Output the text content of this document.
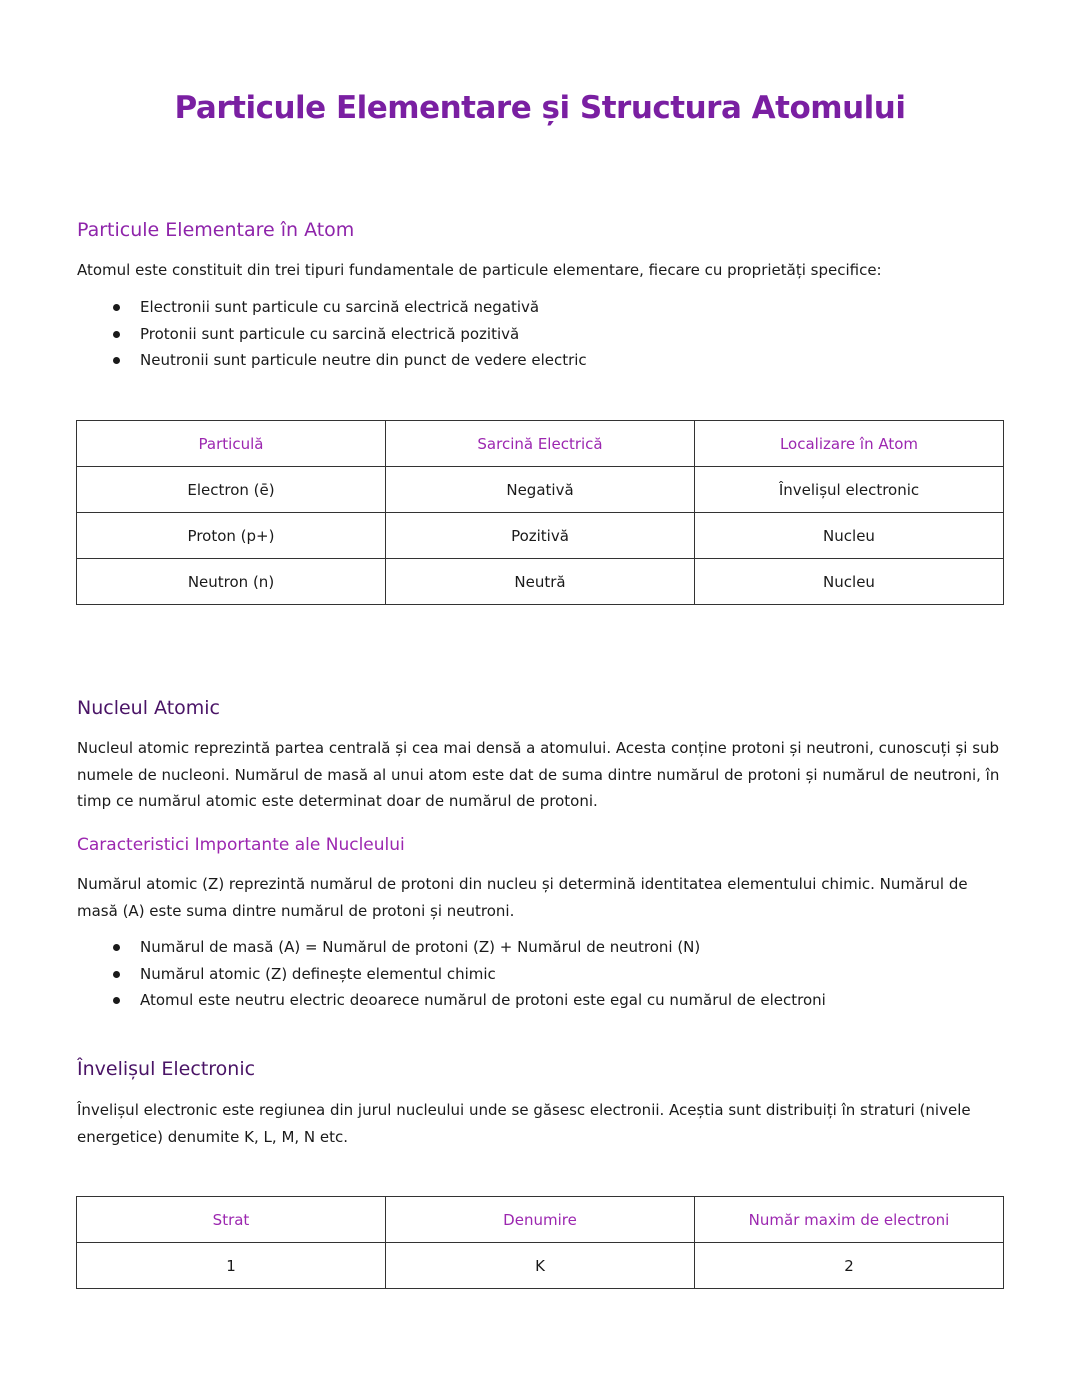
Particule Elementare și Structura Atomului
Particule Elementare în Atom
Atomul este constituit din trei tipuri fundamentale de particule elementare, fiecare cu proprietăți specifice:
Electronii sunt particule cu sarcină electrică negativă
Protonii sunt particule cu sarcină electrică pozitivă
Neutronii sunt particule neutre din punct de vedere electric
Particulă	Sarcină Electrică	Localizare în Atom
Electron (ē)	Negativă	Învelișul electronic
Proton (p+)	Pozitivă	Nucleu
Neutron (n)	Neutră	Nucleu
Nucleul Atomic
Nucleul atomic reprezintă partea centrală și cea mai densă a atomului. Acesta conține protoni și neutroni, cunoscuți și sub numele de nucleoni. Numărul de masă al unui atom este dat de suma dintre numărul de protoni și numărul de neutroni, în timp ce numărul atomic este determinat doar de numărul de protoni.
Caracteristici Importante ale Nucleului
Numărul atomic (Z) reprezintă numărul de protoni din nucleu și determină identitatea elementului chimic. Numărul de masă (A) este suma dintre numărul de protoni și neutroni.
Numărul de masă (A) = Numărul de protoni (Z) + Numărul de neutroni (N)
Numărul atomic (Z) definește elementul chimic
Atomul este neutru electric deoarece numărul de protoni este egal cu numărul de electroni
Învelișul Electronic
Învelișul electronic este regiunea din jurul nucleului unde se găsesc electronii. Aceștia sunt distribuiți în straturi (nivele energetice) denumite K, L, M, N etc.
Strat	Denumire	Număr maxim de electroni
1	K	2
